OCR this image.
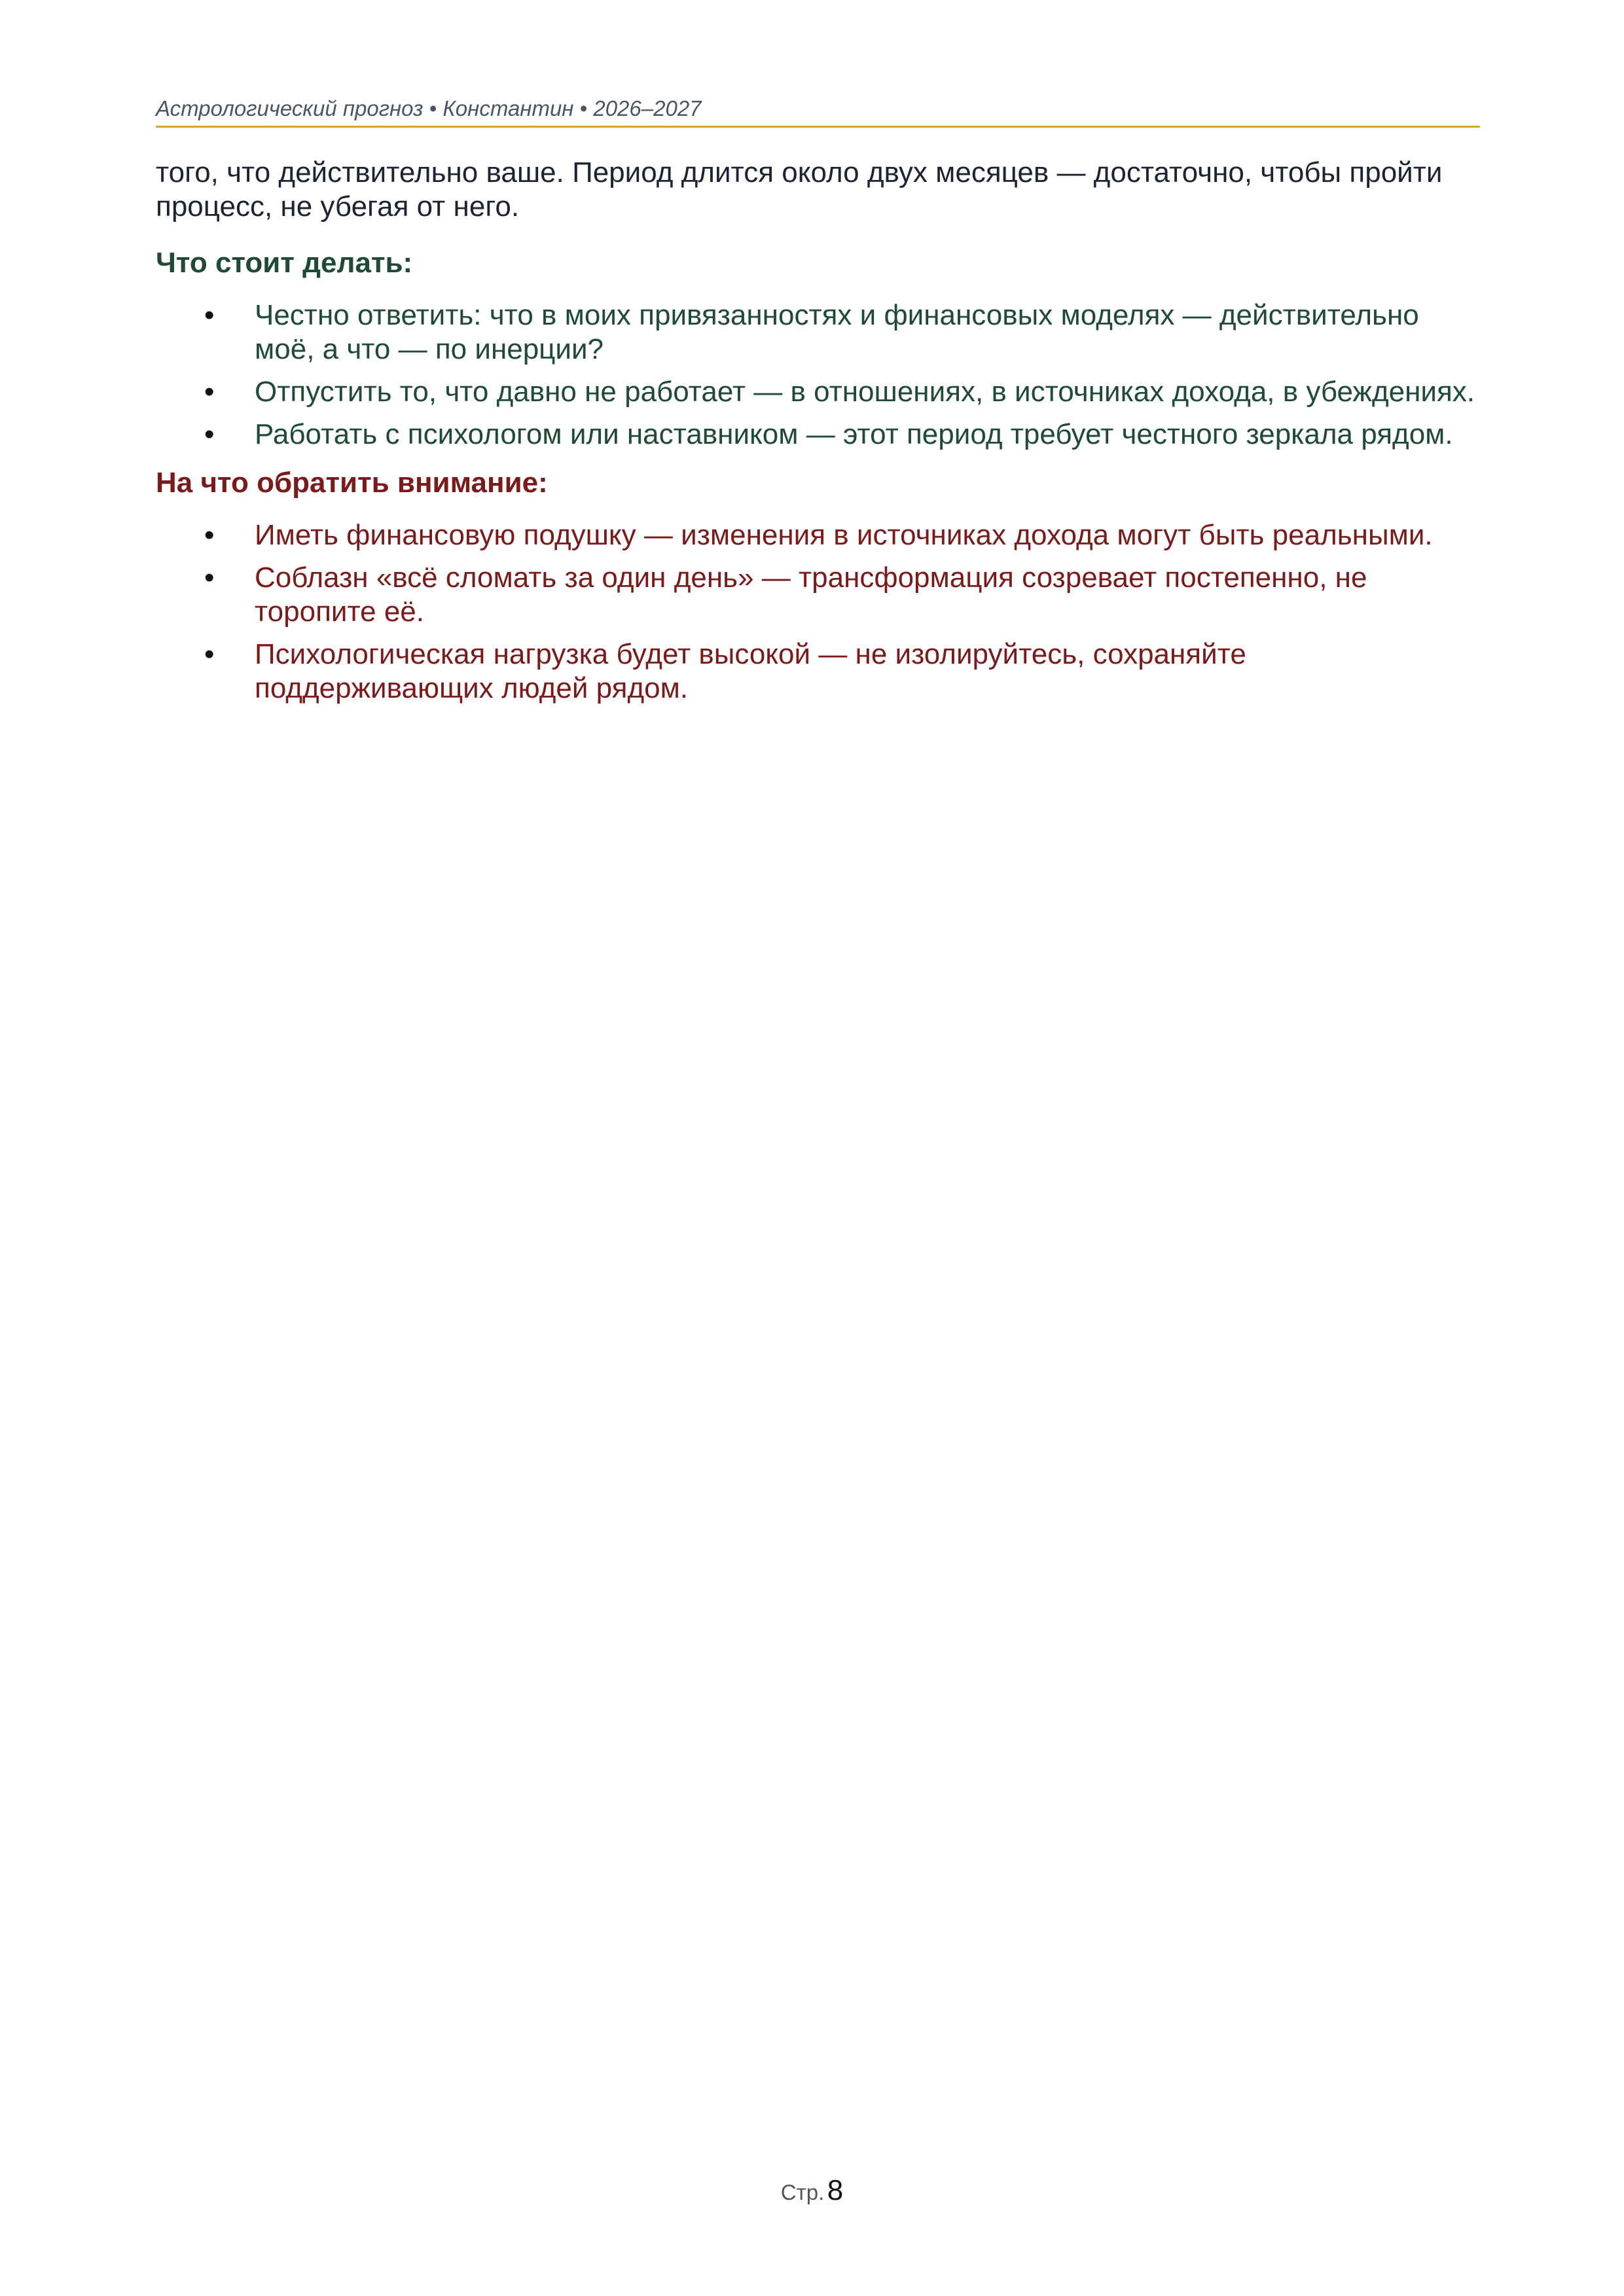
Астрологический прогноз • Константин • 2026–2027

того, что действительно ваше. Период длится около двух месяцев — достаточно, чтобы пройти процесс, не убегая от него.

Что стоит делать:
• Честно ответить: что в моих привязанностях и финансовых моделях — действительно моё, а что — по инерции?
• Отпустить то, что давно не работает — в отношениях, в источниках дохода, в убеждениях.
• Работать с психологом или наставником — этот период требует честного зеркала рядом.
На что обратить внимание:
• Иметь финансовую подушку — изменения в источниках дохода могут быть реальными.
• Соблазн «всё сломать за один день» — трансформация созревает постепенно, не торопите её.
• Психологическая нагрузка будет высокой — не изолируйтесь, сохраняйте поддерживающих людей рядом.
Стр. 8
